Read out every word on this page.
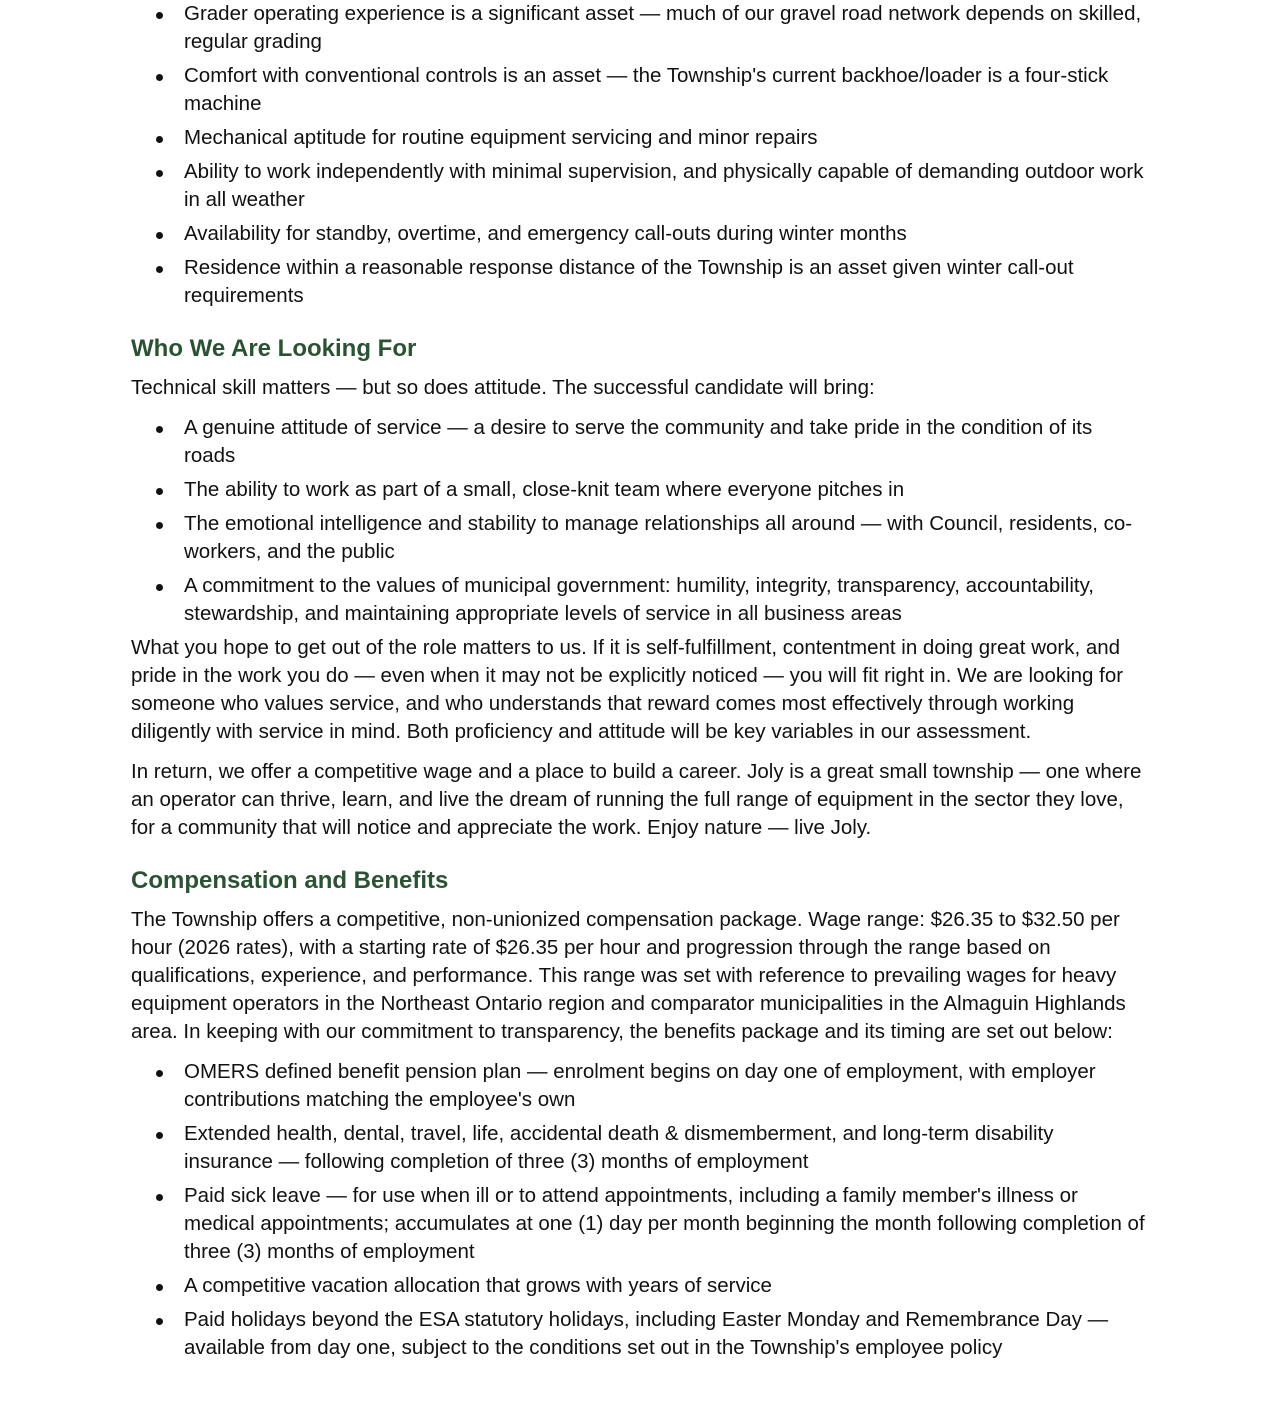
Grader operating experience is a significant asset — much of our gravel road network depends on skilled, regular grading
Comfort with conventional controls is an asset — the Township's current backhoe/loader is a four-stick machine
Mechanical aptitude for routine equipment servicing and minor repairs
Ability to work independently with minimal supervision, and physically capable of demanding outdoor work in all weather
Availability for standby, overtime, and emergency call-outs during winter months
Residence within a reasonable response distance of the Township is an asset given winter call-out requirements
Who We Are Looking For

Technical skill matters — but so does attitude. The successful candidate will bring:

A genuine attitude of service — a desire to serve the community and take pride in the condition of its roads
The ability to work as part of a small, close-knit team where everyone pitches in
The emotional intelligence and stability to manage relationships all around — with Council, residents, co-workers, and the public
A commitment to the values of municipal government: humility, integrity, transparency, accountability, stewardship, and maintaining appropriate levels of service in all business areas

What you hope to get out of the role matters to us. If it is self-fulfillment, contentment in doing great work, and pride in the work you do — even when it may not be explicitly noticed — you will fit right in. We are looking for someone who values service, and who understands that reward comes most effectively through working diligently with service in mind. Both proficiency and attitude will be key variables in our assessment.

In return, we offer a competitive wage and a place to build a career. Joly is a great small township — one where an operator can thrive, learn, and live the dream of running the full range of equipment in the sector they love, for a community that will notice and appreciate the work. Enjoy nature — live Joly.

Compensation and Benefits

The Township offers a competitive, non-unionized compensation package. Wage range: $26.35 to $32.50 per hour (2026 rates), with a starting rate of $26.35 per hour and progression through the range based on qualifications, experience, and performance. This range was set with reference to prevailing wages for heavy equipment operators in the Northeast Ontario region and comparator municipalities in the Almaguin Highlands area. In keeping with our commitment to transparency, the benefits package and its timing are set out below:

OMERS defined benefit pension plan — enrolment begins on day one of employment, with employer contributions matching the employee's own
Extended health, dental, travel, life, accidental death & dismemberment, and long-term disability insurance — following completion of three (3) months of employment
Paid sick leave — for use when ill or to attend appointments, including a family member's illness or medical appointments; accumulates at one (1) day per month beginning the month following completion of three (3) months of employment
A competitive vacation allocation that grows with years of service
Paid holidays beyond the ESA statutory holidays, including Easter Monday and Remembrance Day — available from day one, subject to the conditions set out in the Township's employee policy
